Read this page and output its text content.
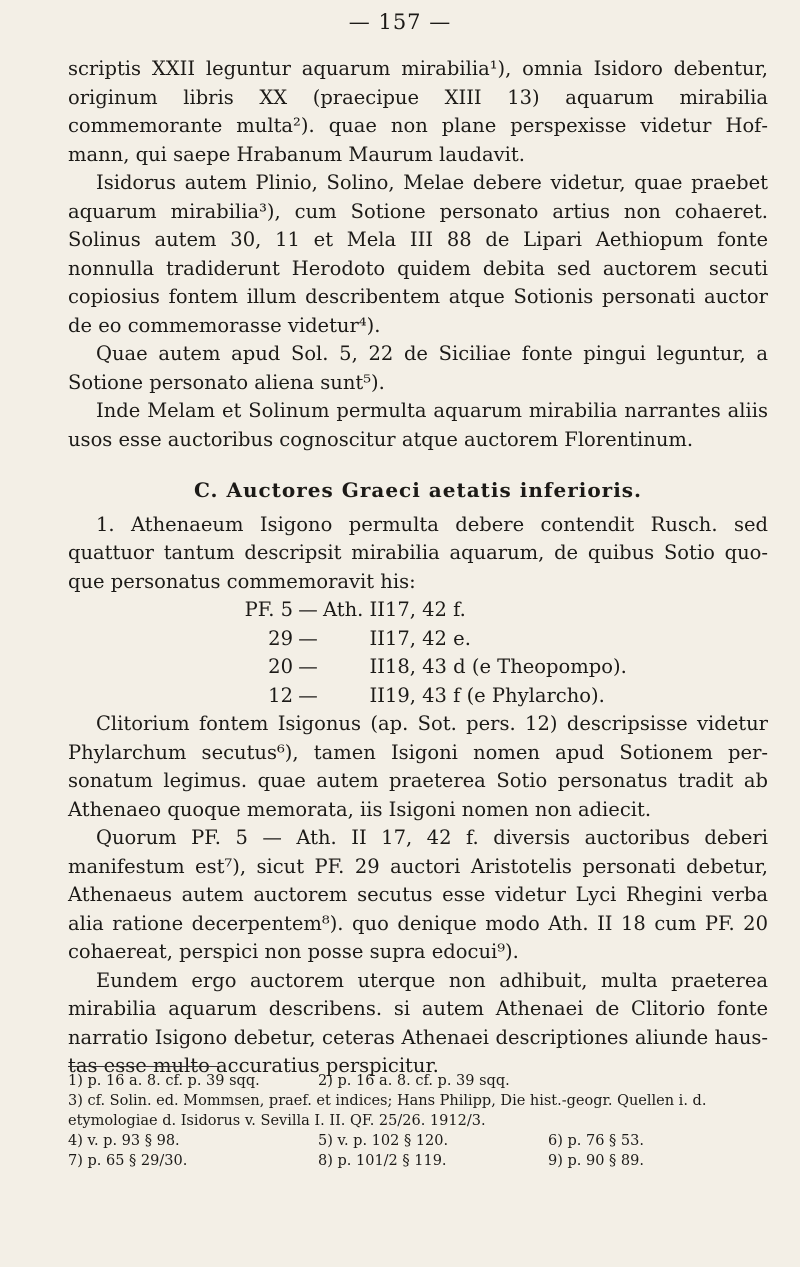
— 157 —

scriptis XXII leguntur aquarum mirabilia¹), omnia Isidoro debentur, originum libris XX (praecipue XIII 13) aquarum mirabilia commemorante multa²). quae non plane perspexisse videtur Hofmann, qui saepe Hrabanum Maurum laudavit.

Isidorus autem Plinio, Solino, Melae debere videtur, quae praebet aquarum mirabilia³), cum Sotione personato artius non cohaeret. Solinus autem 30, 11 et Mela III 88 de Lipari Aethiopum fonte nonnulla tradiderunt Herodoto quidem debita sed auctorem secuti copiosius fontem illum describentem atque Sotionis personati auctor de eo commemorasse videtur⁴).

Quae autem apud Sol. 5, 22 de Siciliae fonte pingui leguntur, a Sotione personato aliena sunt⁵).

Inde Melam et Solinum permulta aquarum mirabilia narrantes aliis usos esse auctoribus cognoscitur atque auctorem Florentinum.

C. Auctores Graeci aetatis inferioris.

1. Athenaeum Isigono permulta debere contendit Rusch. sed quattuor tantum descripsit mirabilia aquarum, de quibus Sotio quoque personatus commemoravit his:

PF. 5	—	Ath. II	17, 42 f.
29	—	II	17, 42 e.
20	—	II	18, 43 d (e Theopompo).
12	—	II	19, 43 f (e Phylarcho).

Clitorium fontem Isigonus (ap. Sot. pers. 12) descripsisse videtur Phylarchum secutus⁶), tamen Isigoni nomen apud Sotionem personatum legimus. quae autem praeterea Sotio personatus tradit ab Athenaeo quoque memorata, iis Isigoni nomen non adiecit.

Quorum PF. 5 — Ath. II 17, 42 f. diversis auctoribus deberi manifestum est⁷), sicut PF. 29 auctori Aristotelis personati debetur, Athenaeus autem auctorem secutus esse videtur Lyci Rhegini verba alia ratione decerpentem⁸). quo denique modo Ath. II 18 cum PF. 20 cohaereat, perspici non posse supra edocui⁹).

Eundem ergo auctorem uterque non adhibuit, multa praeterea mirabilia aquarum describens. si autem Athenaei de Clitorio fonte narratio Isigono debetur, ceteras Athenaei descriptiones aliunde haustas esse multo accuratius perspicitur.

1) p. 16 a. 8. cf. p. 39 sqq.	2) p. 16 a. 8. cf. p. 39 sqq.
3) cf. Solin. ed. Mommsen, praef. et indices; Hans Philipp, Die hist.-geogr. Quellen i. d. etymologiae d. Isidorus v. Sevilla I. II. QF. 25/26. 1912/3.
4) v. p. 93 § 98.	5) v. p. 102 § 120.	6) p. 76 § 53.
7) p. 65 § 29/30.	8) p. 101/2 § 119.	9) p. 90 § 89.
